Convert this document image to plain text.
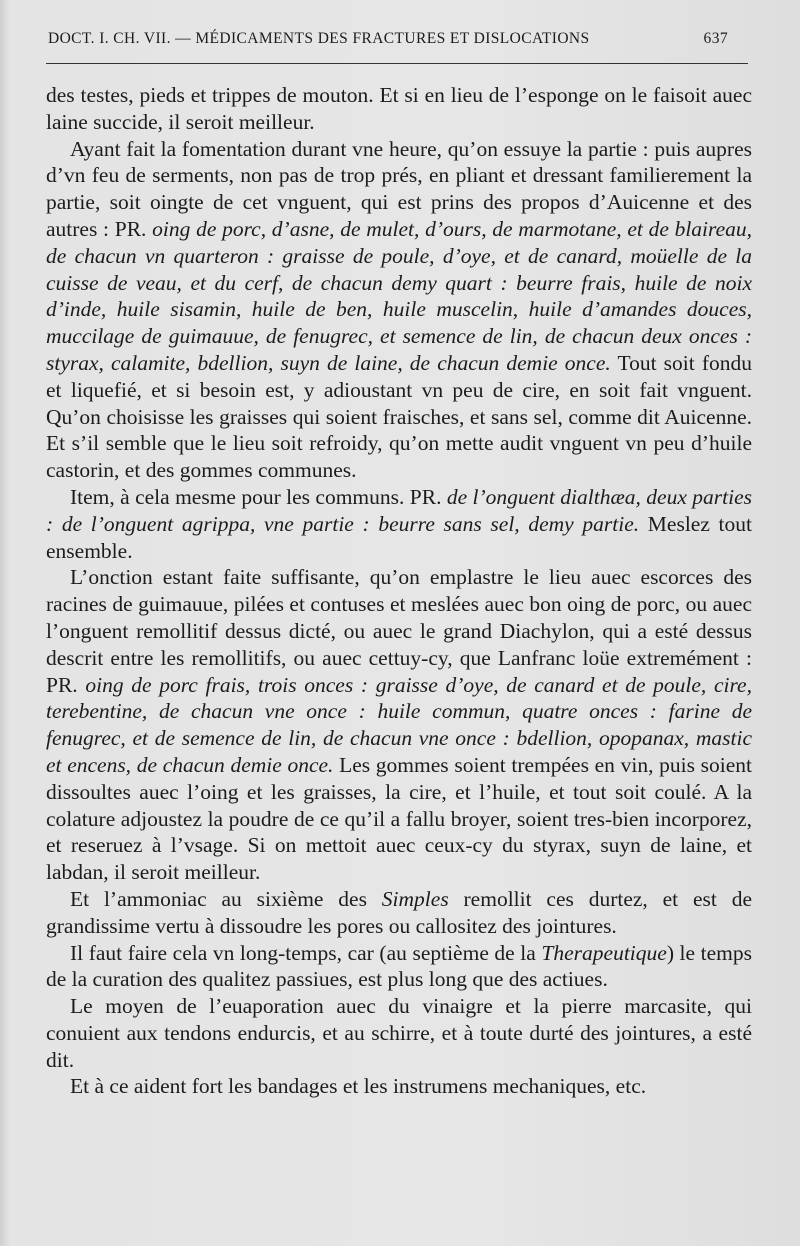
DOCT. I. CH. VII. — MÉDICAMENTS DES FRACTURES ET DISLOCATIONS	637

des testes, pieds et trippes de mouton. Et si en lieu de l’esponge on le faisoit auec laine succide, il seroit meilleur.

Ayant fait la fomentation durant vne heure, qu’on essuye la partie : puis aupres d’vn feu de serments, non pas de trop prés, en pliant et dressant familierement la partie, soit oingte de cet vnguent, qui est prins des propos d’Auicenne et des autres : PR. oing de porc, d’asne, de mulet, d’ours, de marmotane, et de blaireau, de chacun vn quarteron : graisse de poule, d’oye, et de canard, moüelle de la cuisse de veau, et du cerf, de chacun demy quart : beurre frais, huile de noix d’inde, huile sisamin, huile de ben, huile muscelin, huile d’amandes douces, muccilage de guimauue, de fenugrec, et semence de lin, de chacun deux onces : styrax, calamite, bdellion, suyn de laine, de chacun demie once. Tout soit fondu et liquefié, et si besoin est, y adioustant vn peu de cire, en soit fait vnguent. Qu’on choisisse les graisses qui soient fraisches, et sans sel, comme dit Auicenne. Et s’il semble que le lieu soit refroidy, qu’on mette audit vnguent vn peu d’huile castorin, et des gommes communes.

Item, à cela mesme pour les communs. PR. de l’onguent dialthæa, deux parties : de l’onguent agrippa, vne partie : beurre sans sel, demy partie. Meslez tout ensemble.

L’onction estant faite suffisante, qu’on emplastre le lieu auec escorces des racines de guimauue, pilées et contuses et meslées auec bon oing de porc, ou auec l’onguent remollitif dessus dicté, ou auec le grand Diachylon, qui a esté dessus descrit entre les remollitifs, ou auec cettuy-cy, que Lanfranc loüe extremément : PR. oing de porc frais, trois onces : graisse d’oye, de canard et de poule, cire, terebentine, de chacun vne once : huile commun, quatre onces : farine de fenugrec, et de semence de lin, de chacun vne once : bdellion, opopanax, mastic et encens, de chacun demie once. Les gommes soient trempées en vin, puis soient dissoultes auec l’oing et les graisses, la cire, et l’huile, et tout soit coulé. A la colature adjoustez la poudre de ce qu’il a fallu broyer, soient tres-bien incorporez, et reseruez à l’vsage. Si on mettoit auec ceux-cy du styrax, suyn de laine, et labdan, il seroit meilleur.

Et l’ammoniac au sixième des Simples remollit ces durtez, et est de grandissime vertu à dissoudre les pores ou callositez des jointures.

Il faut faire cela vn long-temps, car (au septième de la Therapeutique) le temps de la curation des qualitez passiues, est plus long que des actiues.

Le moyen de l’euaporation auec du vinaigre et la pierre marcasite, qui conuient aux tendons endurcis, et au schirre, et à toute durté des jointures, a esté dit.

Et à ce aident fort les bandages et les instrumens mechaniques, etc.
